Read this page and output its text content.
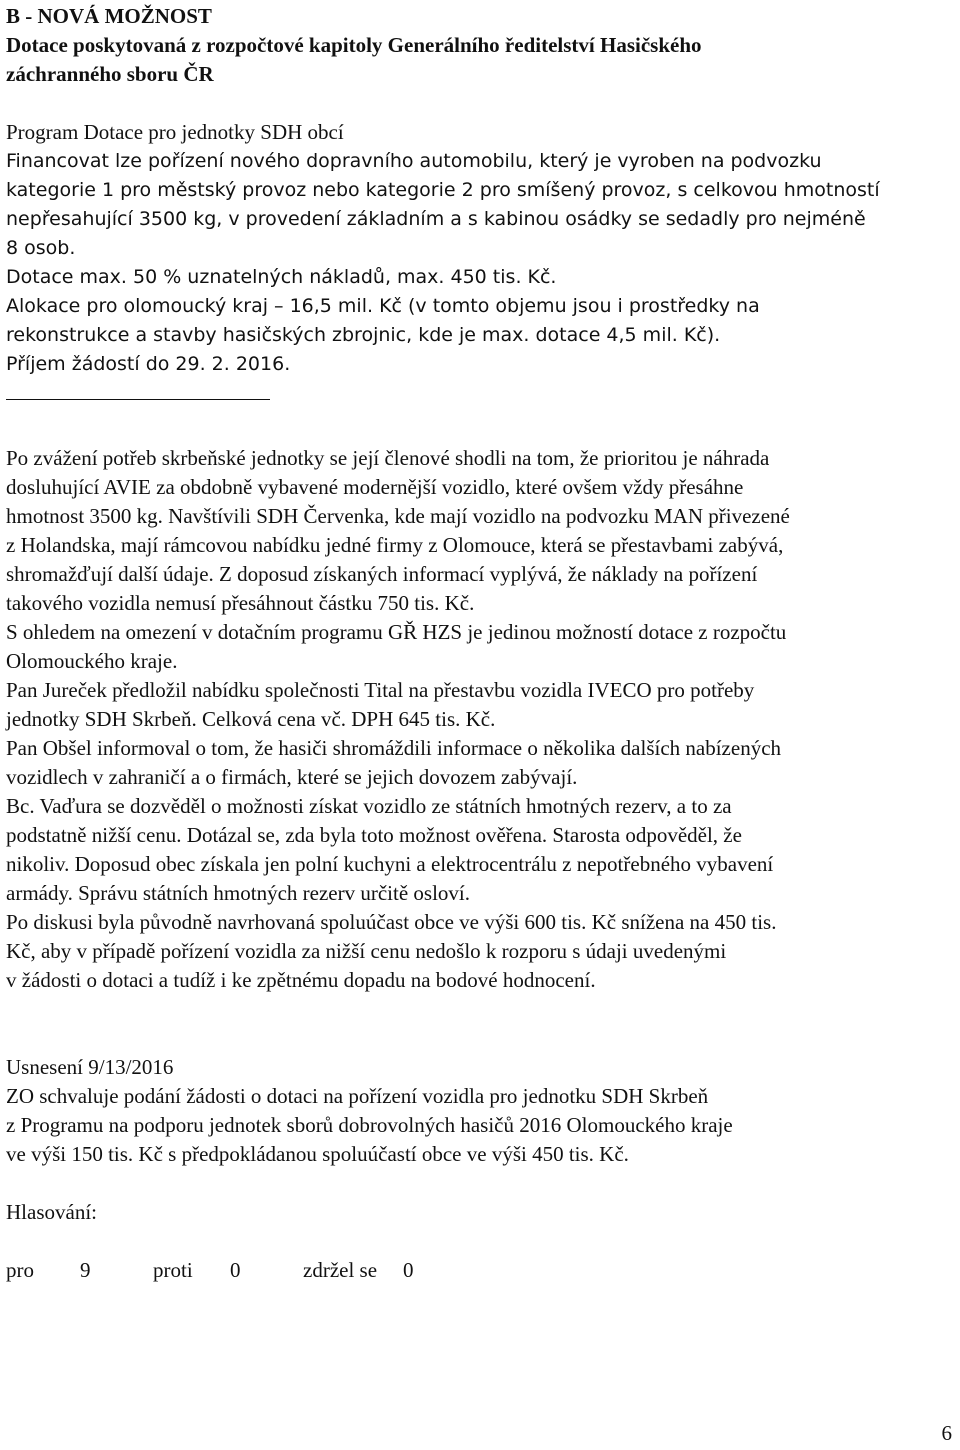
B - NOVÁ MOŽNOST
Dotace poskytovaná z rozpočtové kapitoly Generálního ředitelství Hasičského
záchranného sboru ČR
Program Dotace pro jednotky SDH obcí
Financovat lze pořízení nového dopravního automobilu, který je vyroben na podvozku
kategorie 1 pro městský provoz nebo kategorie 2 pro smíšený provoz, s celkovou hmotností
nepřesahující 3500 kg, v provedení základním a s kabinou osádky se sedadly pro nejméně
8 osob.
Dotace max. 50 % uznatelných nákladů, max. 450 tis. Kč.
Alokace pro olomoucký kraj – 16,5 mil. Kč (v tomto objemu jsou i prostředky na
rekonstrukce a stavby hasičských zbrojnic, kde je max. dotace 4,5 mil. Kč).
Příjem žádostí do 29. 2. 2016.
Po zvážení potřeb skrbeňské jednotky se její členové shodli na tom, že prioritou je náhrada
dosluhující AVIE za obdobně vybavené modernější vozidlo, které ovšem vždy přesáhne
hmotnost 3500 kg. Navštívili SDH Červenka, kde mají vozidlo na podvozku MAN přivezené
z Holandska, mají rámcovou nabídku jedné firmy z Olomouce, která se přestavbami zabývá,
shromažďují další údaje. Z doposud získaných informací vyplývá, že náklady na pořízení
takového vozidla nemusí přesáhnout částku 750 tis. Kč.
S ohledem na omezení v dotačním programu GŘ HZS je jedinou možností dotace z rozpočtu
Olomouckého kraje.
Pan Jureček předložil nabídku společnosti Tital na přestavbu vozidla IVECO pro potřeby
jednotky SDH Skrbeň. Celková cena vč. DPH 645 tis. Kč.
Pan Obšel informoval o tom, že hasiči shromáždili informace o několika dalších nabízených
vozidlech v zahraničí a o firmách, které se jejich dovozem zabývají.
Bc. Vaďura se dozvěděl o možnosti získat vozidlo ze státních hmotných rezerv, a to za
podstatně nižší cenu. Dotázal se, zda byla toto možnost ověřena. Starosta odpověděl, že
nikoliv. Doposud obec získala jen polní kuchyni a elektrocentrálu z nepotřebného vybavení
armády. Správu státních hmotných rezerv určitě osloví.
Po diskusi byla původně navrhovaná spoluúčast obce ve výši 600 tis. Kč snížena na 450 tis.
Kč, aby v případě pořízení vozidla za nižší cenu nedošlo k rozporu s údaji uvedenými
v žádosti o dotaci a tudíž i ke zpětnému dopadu na bodové hodnocení.
Usnesení 9/13/2016
ZO schvaluje podání žádosti o dotaci na pořízení vozidla pro jednotku SDH Skrbeň
z Programu na podporu jednotek sborů dobrovolných hasičů 2016 Olomouckého kraje
ve výši 150 tis. Kč s předpokládanou spoluúčastí obce ve výši 450 tis. Kč.
Hlasování:
pro	9	proti	0	zdržel se	0
6
